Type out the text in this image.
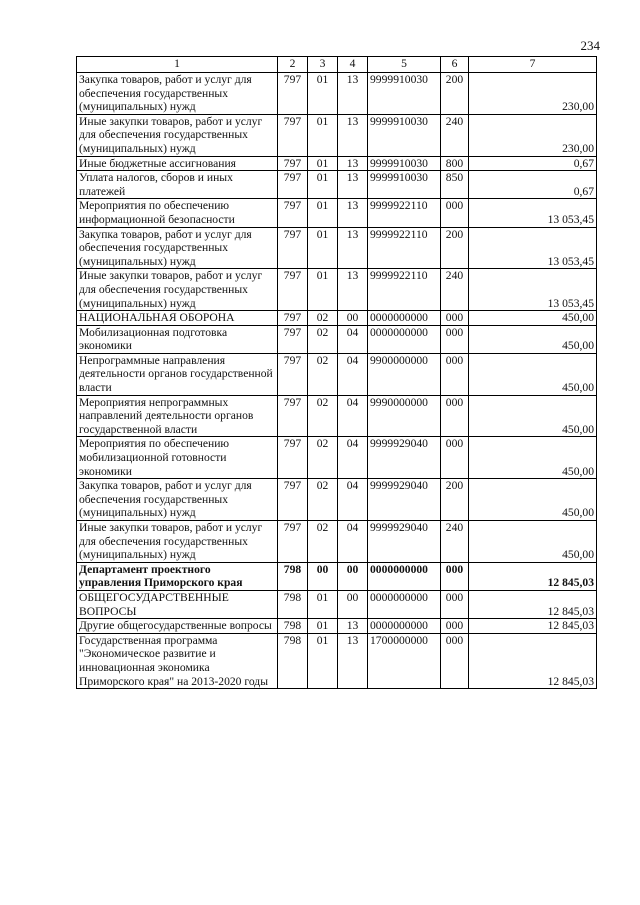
234
1	2	3	4	5	6	7
Закупка товаров, работ и услуг для обеспечения государственных (муниципальных) нужд	797	01	13	9999910030	200	230,00
Иные закупки товаров, работ и услуг для обеспечения государственных (муниципальных) нужд	797	01	13	9999910030	240	230,00
Иные бюджетные ассигнования	797	01	13	9999910030	800	0,67
Уплата налогов, сборов и иных платежей	797	01	13	9999910030	850	0,67
Мероприятия по обеспечению информационной безопасности	797	01	13	9999922110	000	13 053,45
Закупка товаров, работ и услуг для обеспечения государственных (муниципальных) нужд	797	01	13	9999922110	200	13 053,45
Иные закупки товаров, работ и услуг для обеспечения государственных (муниципальных) нужд	797	01	13	9999922110	240	13 053,45
НАЦИОНАЛЬНАЯ ОБОРОНА	797	02	00	0000000000	000	450,00
Мобилизационная подготовка экономики	797	02	04	0000000000	000	450,00
Непрограммные направления деятельности органов государственной власти	797	02	04	9900000000	000	450,00
Мероприятия непрограммных направлений деятельности органов государственной власти	797	02	04	9990000000	000	450,00
Мероприятия по обеспечению мобилизационной готовности экономики	797	02	04	9999929040	000	450,00
Закупка товаров, работ и услуг для обеспечения государственных (муниципальных) нужд	797	02	04	9999929040	200	450,00
Иные закупки товаров, работ и услуг для обеспечения государственных (муниципальных) нужд	797	02	04	9999929040	240	450,00
Департамент проектного управления Приморского края	798	00	00	0000000000	000	12 845,03
ОБЩЕГОСУДАРСТВЕННЫЕ ВОПРОСЫ	798	01	00	0000000000	000	12 845,03
Другие общегосударственные вопросы	798	01	13	0000000000	000	12 845,03
Государственная программа "Экономическое развитие и инновационная экономика Приморского края" на 2013-2020 годы	798	01	13	1700000000	000	12 845,03
